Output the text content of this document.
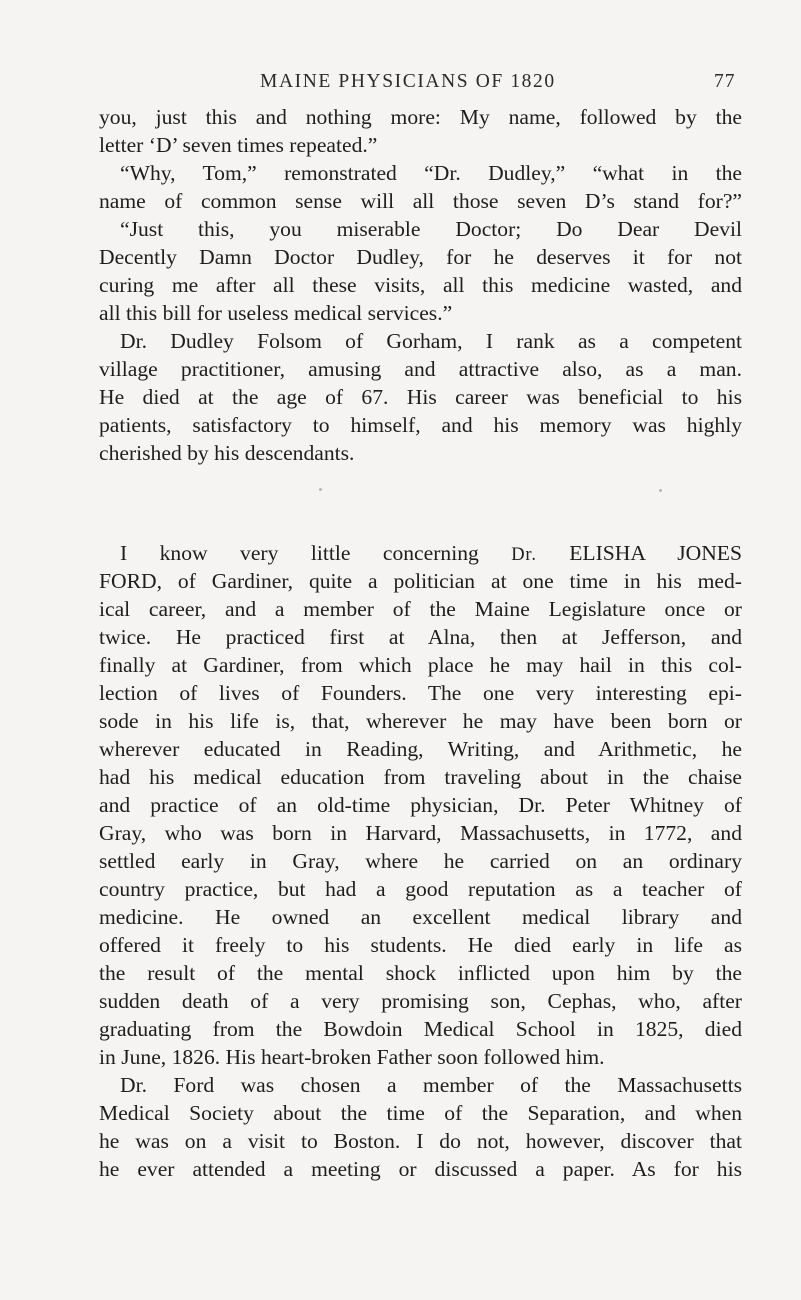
MAINE PHYSICIANS OF 1820	77
you, just this and nothing more: My name, followed by the
letter ‘D’ seven times repeated.”
“Why, Tom,” remonstrated “Dr. Dudley,” “what in the
name of common sense will all those seven D’s stand for?”
“Just this, you miserable Doctor; Do Dear Devil
Decently Damn Doctor Dudley, for he deserves it for not
curing me after all these visits, all this medicine wasted, and
all this bill for useless medical services.”
Dr. Dudley Folsom of Gorham, I rank as a competent
village practitioner, amusing and attractive also, as a man.
He died at the age of 67. His career was beneficial to his
patients, satisfactory to himself, and his memory was highly
cherished by his descendants.
I know very little concerning Dr. ELISHA JONES
FORD, of Gardiner, quite a politician at one time in his med-
ical career, and a member of the Maine Legislature once or
twice. He practiced first at Alna, then at Jefferson, and
finally at Gardiner, from which place he may hail in this col-
lection of lives of Founders. The one very interesting epi-
sode in his life is, that, wherever he may have been born or
wherever educated in Reading, Writing, and Arithmetic, he
had his medical education from traveling about in the chaise
and practice of an old-time physician, Dr. Peter Whitney of
Gray, who was born in Harvard, Massachusetts, in 1772, and
settled early in Gray, where he carried on an ordinary
country practice, but had a good reputation as a teacher of
medicine. He owned an excellent medical library and
offered it freely to his students. He died early in life as
the result of the mental shock inflicted upon him by the
sudden death of a very promising son, Cephas, who, after
graduating from the Bowdoin Medical School in 1825, died
in June, 1826. His heart-broken Father soon followed him.
Dr. Ford was chosen a member of the Massachusetts
Medical Society about the time of the Separation, and when
he was on a visit to Boston. I do not, however, discover that
he ever attended a meeting or discussed a paper. As for his
